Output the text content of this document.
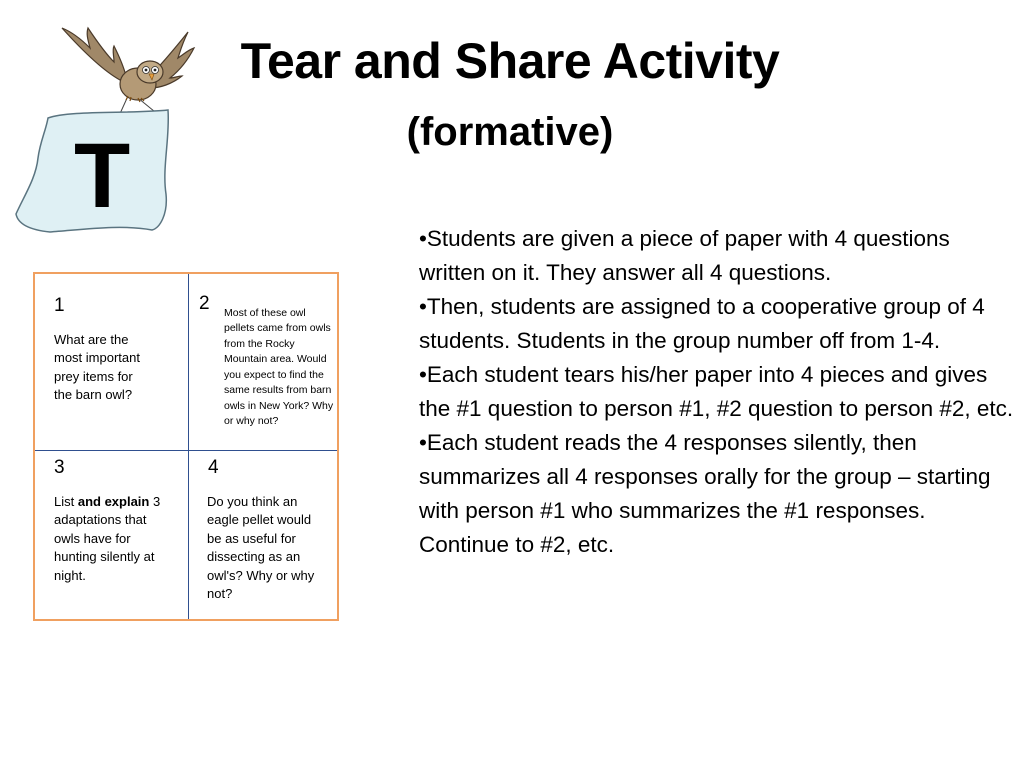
T
Tear and Share Activity
(formative)
1
What are the most important prey items for the barn owl?
2 Most of these owl pellets came from owls from the Rocky Mountain area. Would you expect to find the same results from barn owls in New York? Why or why not?
3
List and explain 3 adaptations that owls have for hunting silently at night.
4
Do you think an eagle pellet would be as useful for dissecting as an owl's? Why or why not?

•Students are given a piece of paper with 4 questions written on it. They answer all 4 questions.

•Then, students are assigned to a cooperative group of 4 students. Students in the group number off from 1-4.

•Each student tears his/her paper into 4 pieces and gives the #1 question to person #1, #2 question to person #2, etc.

•Each student reads the 4 responses silently, then summarizes all 4 responses orally for the group – starting with person #1 who summarizes the #1 responses. Continue to #2, etc.
